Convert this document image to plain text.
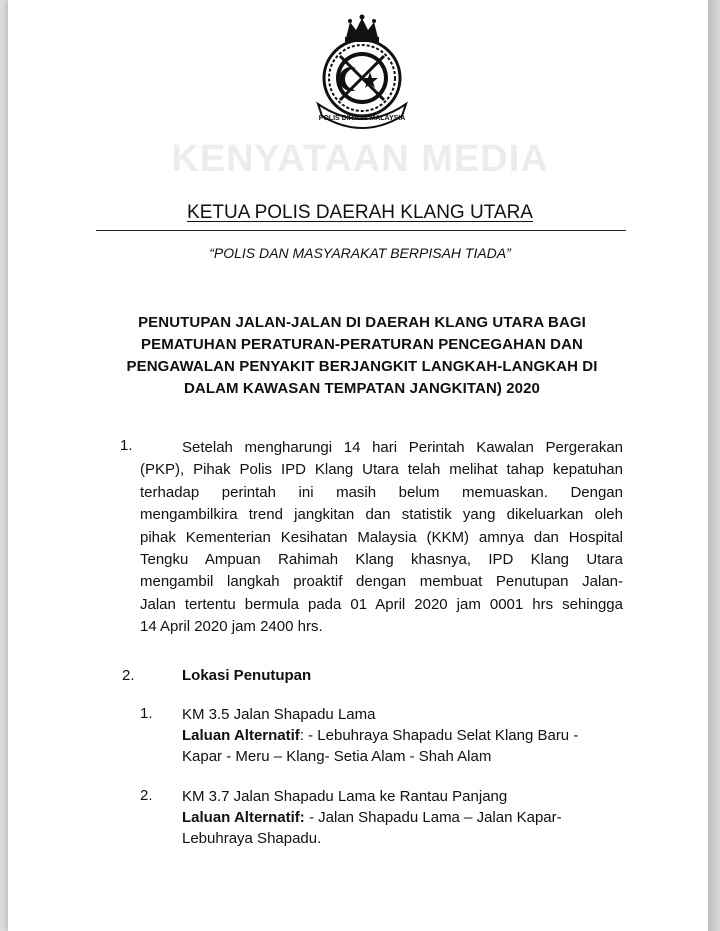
POLIS DIRAJA MALAYSIA
KENYATAAN MEDIA
KETUA POLIS DAERAH KLANG UTARA
“POLIS DAN MASYARAKAT BERPISAH TIADA”
PENUTUPAN JALAN-JALAN DI DAERAH KLANG UTARA BAGI
PEMATUHAN PERATURAN-PERATURAN PENCEGAHAN DAN
PENGAWALAN PENYAKIT BERJANGKIT LANGKAH-LANGKAH DI
DALAM KAWASAN TEMPATAN JANGKITAN) 2020
1.	Setelah mengharungi 14 hari Perintah Kawalan Pergerakan
(PKP), Pihak Polis IPD Klang Utara telah melihat tahap kepatuhan
terhadap perintah ini masih belum memuaskan. Dengan
mengambilkira trend jangkitan dan statistik yang dikeluarkan oleh
pihak Kementerian Kesihatan Malaysia (KKM) amnya dan Hospital
Tengku Ampuan Rahimah Klang khasnya, IPD Klang Utara
mengambil langkah proaktif dengan membuat Penutupan Jalan-
Jalan tertentu bermula pada 01 April 2020 jam 0001 hrs sehingga
14 April 2020 jam 2400 hrs.
2.	Lokasi Penutupan
1. KM 3.5 Jalan Shapadu Lama
Laluan Alternatif: - Lebuhraya Shapadu Selat Klang Baru -
Kapar - Meru – Klang- Setia Alam - Shah Alam
2. KM 3.7 Jalan Shapadu Lama ke Rantau Panjang
Laluan Alternatif: - Jalan Shapadu Lama – Jalan Kapar-
Lebuhraya Shapadu.
